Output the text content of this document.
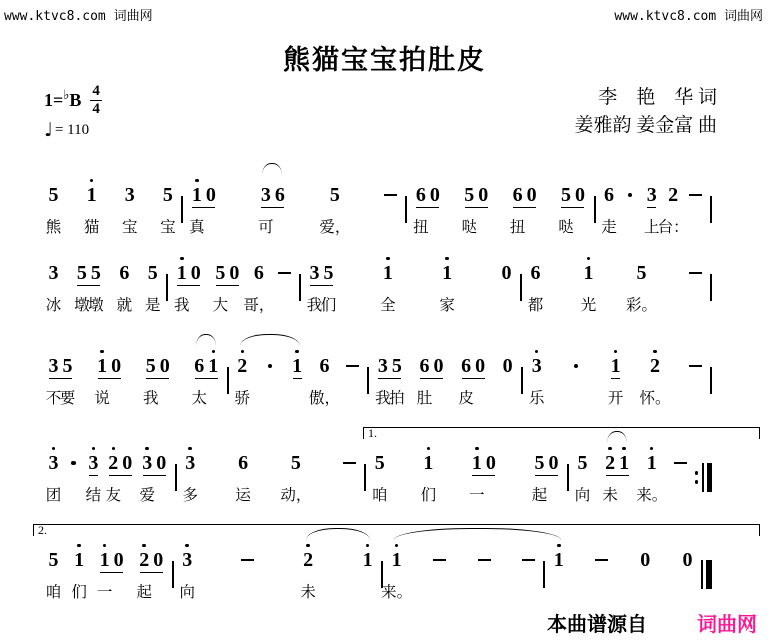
www.ktvc8.com 词曲网	www.ktvc8.com 词曲网
熊猫宝宝拍肚皮
李　艳　华 词
姜雅韵 姜金富 曲
1= ♭ B $\frac{4}{4}$
♩ = 110
5
熊
1
猫
3
宝
5
宝
1
真
0 3
可
6 5
爱，
6
扭
0 5
哒
0 6
扭
0 5
哒
0 6
走
3
上
2
台：
3
冰
5
墩
5
墩
6
就
5
是
1
我
0 5
大
0 6
哥，
3
我
5
们
1
全
1
家
0 6
都
1
光
5
彩。
3
不
5
要
1
说
0 5
我
0 6
太
1 2
骄
1 6
傲，
3
我
5
拍
6
肚
0 6
皮
0 0 3
乐
1
开
2
怀。
3
团
3
结
2
友
0 3
爱
0 3
多
6
运
5
动，
5
咱
1
们
1
一
0 5
起
0 5
向
2
未
1 1
来。
1.
5
咱
1
们
1
一
0 2
起
0 3
向
2
未
1 1
来。
1	0 0
2.
本曲谱源自	词曲网
